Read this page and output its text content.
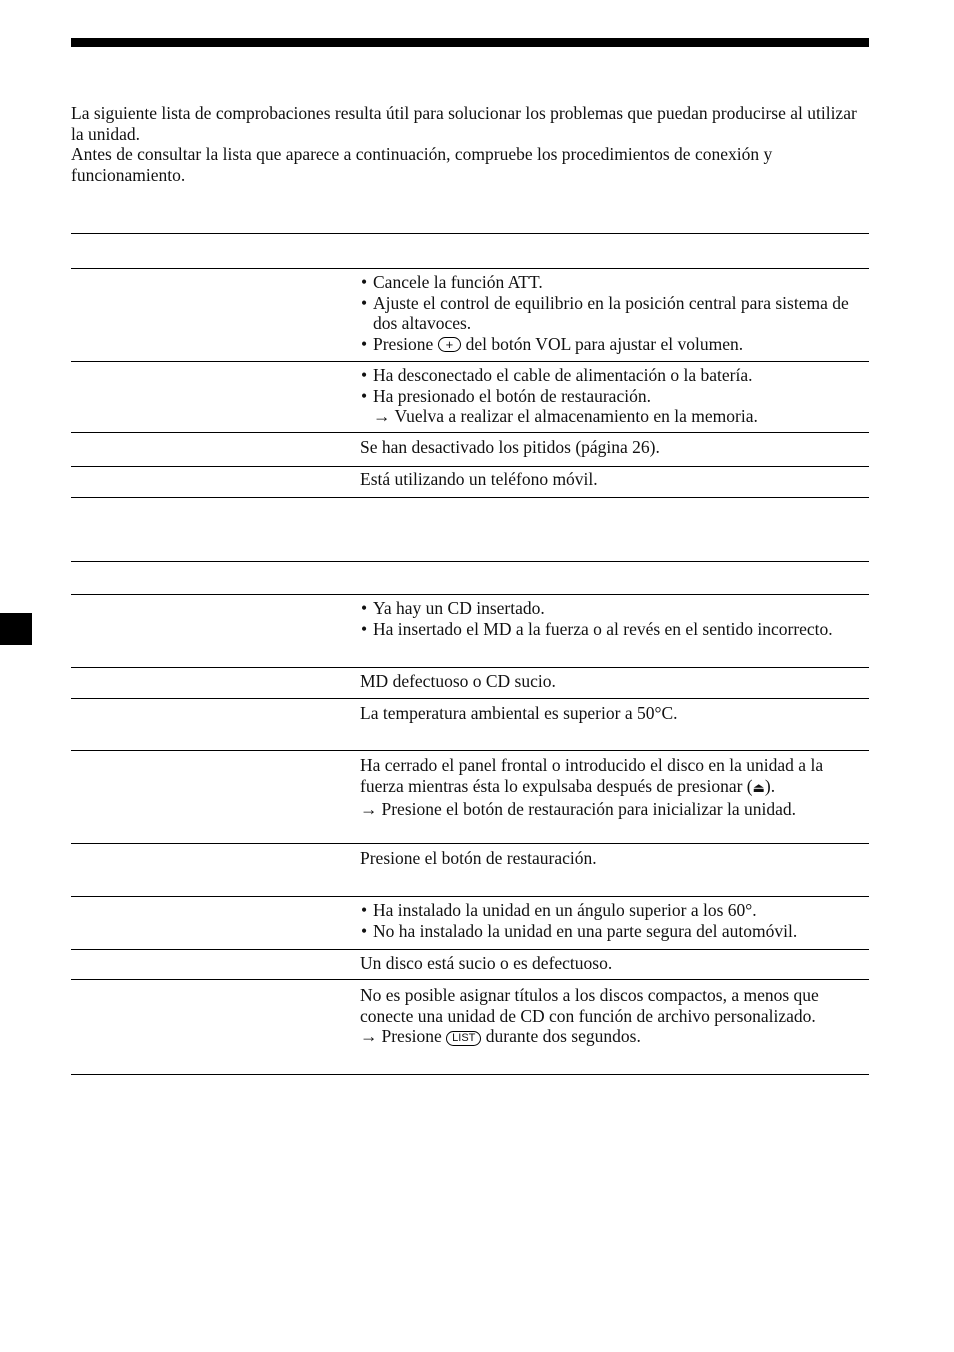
La siguiente lista de comprobaciones resulta útil para solucionar los problemas que puedan producirse al utilizar la unidad.

Antes de consultar la lista que aparece a continuación, compruebe los procedimientos de conexión y funcionamiento.

• Cancele la función ATT.

• Ajuste el control de equilibrio en la posición central para sistema de dos altavoces.

• Presione + del botón VOL para ajustar el volumen.

• Ha desconectado el cable de alimentación o la batería.

• Ha presionado el botón de restauración.

→ Vuelva a realizar el almacenamiento en la memoria.

Se han desactivado los pitidos (página 26).

Está utilizando un teléfono móvil.

• Ya hay un CD insertado.

• Ha insertado el MD a la fuerza o al revés en el sentido incorrecto.

MD defectuoso o CD sucio.

La temperatura ambiental es superior a 50°C.

Ha cerrado el panel frontal o introducido el disco en la unidad a la fuerza mientras ésta lo expulsaba después de presionar (⏏).

→ Presione el botón de restauración para inicializar la unidad.

Presione el botón de restauración.

• Ha instalado la unidad en un ángulo superior a los 60°.

• No ha instalado la unidad en una parte segura del automóvil.

Un disco está sucio o es defectuoso.

No es posible asignar títulos a los discos compactos, a menos que conecte una unidad de CD con función de archivo personalizado.

→ Presione LIST durante dos segundos.
